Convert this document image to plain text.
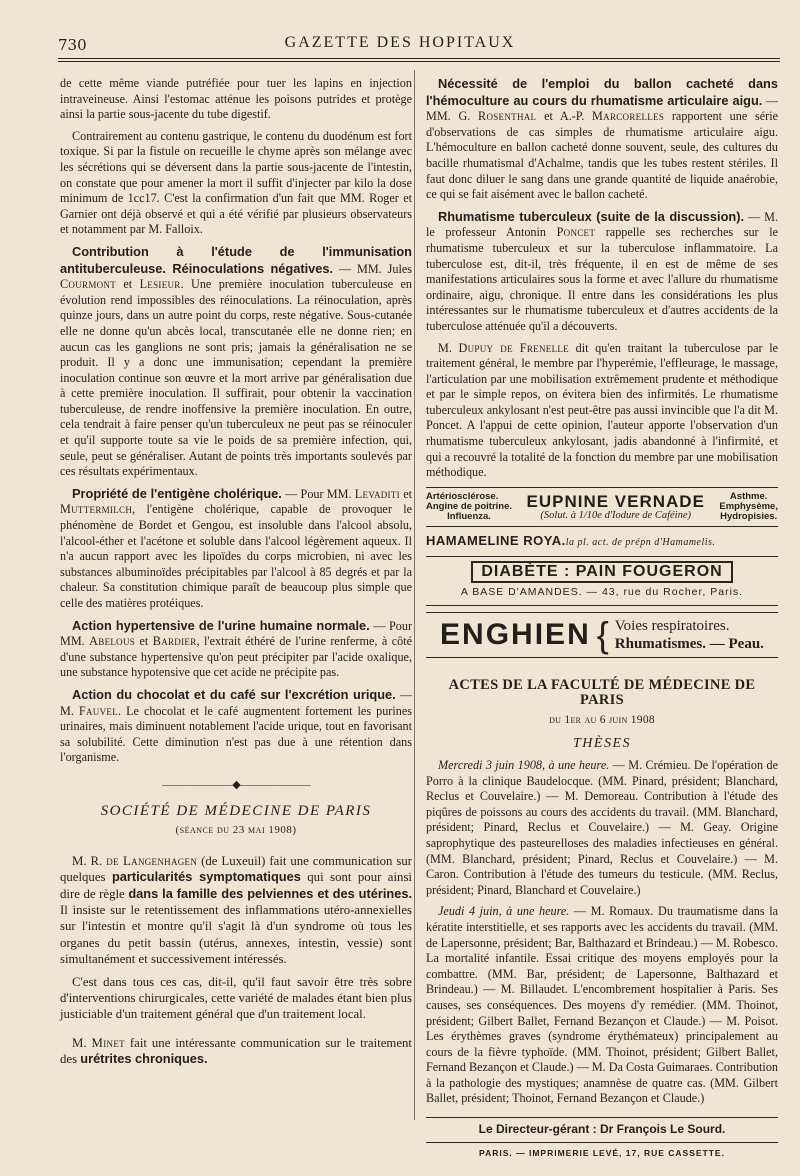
730	GAZETTE DES HOPITAUX

de cette même viande putréfiée pour tuer les lapins en injection intraveineuse. Ainsi l'estomac atténue les poisons putrides et protège ainsi la partie sous-jacente du tube digestif.

Contrairement au contenu gastrique, le contenu du duodénum est fort toxique. Si par la fistule on recueille le chyme après son mélange avec les sécrétions qui se déversent dans la partie sous-jacente de l'intestin, on constate que pour amener la mort il suffit d'injecter par kilo la dose minimum de 1cc17. C'est la confirmation d'un fait que MM. Roger et Garnier ont déjà observé et qui a été vérifié par plusieurs observateurs et notamment par M. Falloix.

Contribution à l'étude de l'immunisation antituberculeuse. Réinoculations négatives. — MM. Jules Courmont et Lesieur. Une première inoculation tuberculeuse en évolution rend impossibles des réinoculations. La réinoculation, après quinze jours, dans un autre point du corps, reste négative. Sous-cutanée elle ne donne qu'un abcès local, transcutanée elle ne donne rien; en aucun cas les ganglions ne sont pris; jamais la généralisation ne se produit. Il y a donc une immunisation; cependant la première inoculation continue son œuvre et la mort arrive par généralisation due à cette première inoculation. Il suffirait, pour obtenir la vaccination tuberculeuse, de rendre inoffensive la première inoculation. En outre, cela tendrait à faire penser qu'un tuberculeux ne peut pas se réinoculer et qu'il supporte toute sa vie le poids de sa première infection, qui, seule, peut se généraliser. Autant de points très importants soulevés par ces résultats expérimentaux.

Propriété de l'entigène cholérique. — Pour MM. Levaditi et Muttermilch, l'entigène cholérique, capable de provoquer le phénomène de Bordet et Gengou, est insoluble dans l'alcool absolu, l'alcool-éther et l'acétone et soluble dans l'alcool légèrement aqueux. Il n'a aucun rapport avec les lipoïdes du corps microbien, ni avec les substances albuminoïdes précipitables par l'alcool à 85 degrés et par la chaleur. Sa constitution chimique paraît de beaucoup plus simple que celle des matières protéiques.

Action hypertensive de l'urine humaine normale. — Pour MM. Abelous et Bardier, l'extrait éthéré de l'urine renferme, à côté d'une substance hypertensive qu'on peut précipiter par l'acide oxalique, une substance hypotensive que cet acide ne précipite pas.

Action du chocolat et du café sur l'excrétion urique. — M. Fauvel. Le chocolat et le café augmentent fortement les purines urinaires, mais diminuent notablement l'acide urique, tout en favorisant sa solubilité. Cette diminution n'est pas due à une rétention dans l'organisme.

———————◆———————
SOCIÉTÉ DE MÉDECINE DE PARIS
(séance du 23 mai 1908)

M. R. de Langenhagen (de Luxeuil) fait une communication sur quelques particularités symptomatiques qui sont pour ainsi dire de règle dans la famille des pelviennes et des utérines. Il insiste sur le retentissement des inflammations utéro-annexielles sur l'intestin et montre qu'il s'agit là d'un syndrome où tous les organes du petit bassin (utérus, annexes, intestin, vessie) sont simultanément et successivement intéressés.

C'est dans tous ces cas, dit-il, qu'il faut savoir être très sobre d'interventions chirurgicales, cette variété de malades étant bien plus justiciable d'un traitement général que d'un traitement local.

M. Minet fait une intéressante communication sur le traitement des urétrites chroniques.

Nécessité de l'emploi du ballon cacheté dans l'hémoculture au cours du rhumatisme articulaire aigu. — MM. G. Rosenthal et A.-P. Marcorelles rapportent une série d'observations de cas simples de rhumatisme articulaire aigu. L'hémoculture en ballon cacheté donne souvent, seule, des cultures du bacille rhumatismal d'Achalme, tandis que les tubes restent stériles. Il faut donc diluer le sang dans une grande quantité de liquide anaérobie, ce qui se fait aisément avec le ballon cacheté.

Rhumatisme tuberculeux (suite de la discussion). — M. le professeur Antonin Poncet rappelle ses recherches sur le rhumatisme tuberculeux et sur la tuberculose inflammatoire. La tuberculose est, dit-il, très fréquente, il en est de même de ses manifestations articulaires sous la forme et avec l'allure du rhumatisme ordinaire, aigu, chronique. Il entre dans les considérations les plus intéressantes sur le rhumatisme tuberculeux et d'autres accidents de la tuberculose atténuée qu'il a découverts.

M. Dupuy de Frenelle dit qu'en traitant la tuberculose par le traitement général, le membre par l'hyperémie, l'effleurage, le massage, l'articulation par une mobilisation extrêmement prudente et méthodique et par le simple repos, on évitera bien des infirmités. Le rhumatisme tuberculeux ankylosant n'est peut-être pas aussi invincible que l'a dit M. Poncet. A l'appui de cette opinion, l'auteur apporte l'observation d'un rhumatisme tuberculeux ankylosant, jadis abandonné à l'infirmité, et qui a recouvré la totalité de la fonction du membre par une mobilisation méthodique.

Artériosclérose.
Angine de poitrine.
Influenza.
EUPNINE VERNADE
(Solut. à 1/10e d'Iodure de Caféine)
Asthme.
Emphysème,
Hydropisies.
HAMAMELINE ROYA.la pl. act. de prépn d'Hamamelis.
DIABÈTE : PAIN FOUGERON
A BASE D'AMANDES. — 43, rue du Rocher, Paris.
ENGHIEN { Voies respiratoires.
Rhumatismes. — Peau.
ACTES DE LA FACULTÉ DE MÉDECINE DE PARIS
du 1er au 6 juin 1908
THÈSES

Mercredi 3 juin 1908, à une heure. — M. Crémieu. De l'opération de Porro à la clinique Baudelocque. (MM. Pinard, président; Blanchard, Reclus et Couvelaire.) — M. Demoreau. Contribution à l'étude des piqûres de poissons au cours des accidents du travail. (MM. Blanchard, président; Pinard, Reclus et Couvelaire.) — M. Geay. Origine saprophytique des pasteurelloses des maladies infectieuses en général. (MM. Blanchard, président; Pinard, Reclus et Couvelaire.) — M. Caron. Contribution à l'étude des tumeurs du testicule. (MM. Reclus, président; Pinard, Blanchard et Couvelaire.)

Jeudi 4 juin, à une heure. — M. Romaux. Du traumatisme dans la kératite interstitielle, et ses rapports avec les accidents du travail. (MM. de Lapersonne, président; Bar, Balthazard et Brindeau.) — M. Robesco. La mortalité infantile. Essai critique des moyens employés pour la combattre. (MM. Bar, président; de Lapersonne, Balthazard et Brindeau.) — M. Billaudet. L'encombrement hospitalier à Paris. Ses causes, ses conséquences. Des moyens d'y remédier. (MM. Thoinot, président; Gilbert Ballet, Fernand Bezançon et Claude.) — M. Poisot. Les érythèmes graves (syndrome érythémateux) principalement au cours de la fièvre typhoïde. (MM. Thoinot, président; Gilbert Ballet, Fernand Bezançon et Claude.) — M. Da Costa Guimaraes. Contribution à la pathologie des mystiques; anamnèse de quatre cas. (MM. Gilbert Ballet, président; Thoinot, Fernand Bezançon et Claude.)

Le Directeur-gérant : Dr François Le Sourd.
PARIS. — IMPRIMERIE LEVÉ, 17, RUE CASSETTE.
